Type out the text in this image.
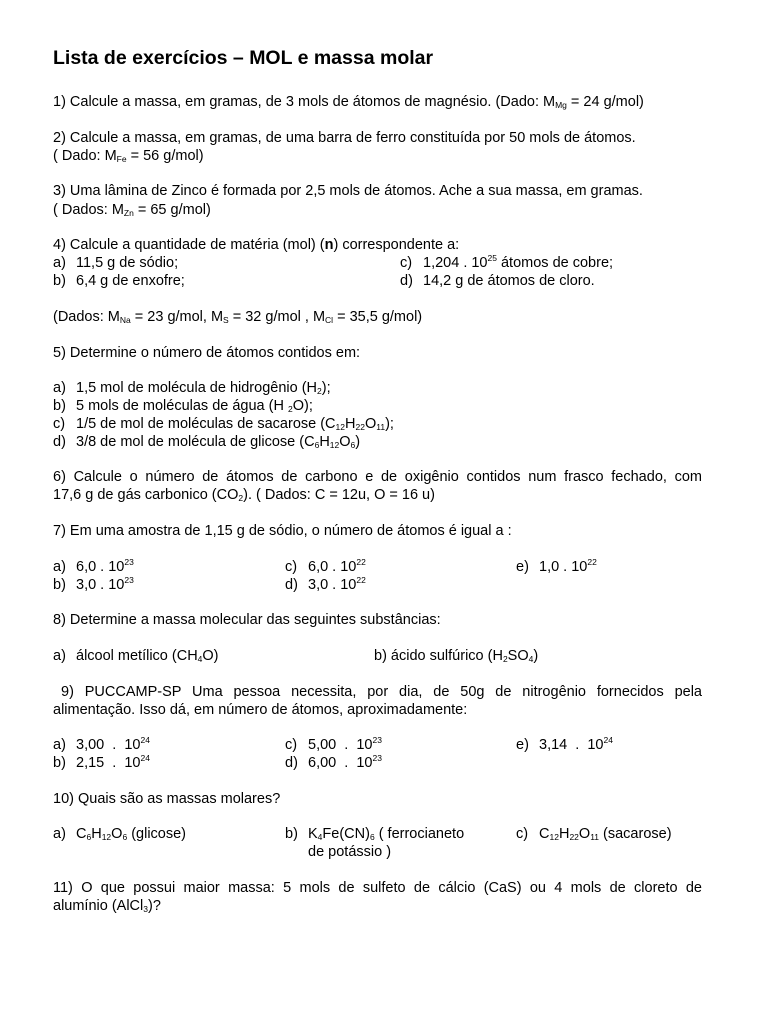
Lista de exercícios – MOL e massa molar
1) Calcule a massa, em gramas, de 3 mols de átomos de magnésio. (Dado: $M_{Mg} = 24$ g/mol)
2) Calcule a massa, em gramas, de uma barra de ferro constituída por 50 mols de átomos.
( Dado: $M_{Fe} = 56$ g/mol)
3) Uma lâmina de Zinco é formada por 2,5 mols de átomos. Ache a sua massa, em gramas.
( Dados: $M_{Zn} = 65$ g/mol)
4) Calcule a quantidade de matéria (mol) (n) correspondente a:
a) 11,5 g de sódio;
b) 6,4 g de enxofre;
c) 1,204 . $10^{25}$ átomos de cobre;
d) 14,2 g de átomos de cloro.
(Dados: $M_{Na} = 23$ g/mol, $M_S = 32$ g/mol , $M_{Cl} = 35,5$ g/mol)
5) Determine o número de átomos contidos em:
a) 1,5 mol de molécula de hidrogênio $(H_2)$;
b) 5 mols de moléculas de água (H $_2$O);
c) 1/5 de mol de moléculas de sacarose $(C_{12}H_{22}O_{11})$;
d) 3/8 de mol de molécula de glicose $(C_6H_{12}O_6)$
6) Calcule o número de átomos de carbono e de oxigênio contidos num frasco fechado, com
17,6 g de gás carbonico $(CO_2)$. ( Dados: C = 12u, O = 16 u)
7) Em uma amostra de 1,15 g de sódio, o número de átomos é igual a :
a) 6,0 . $10^{23}$
b) 3,0 . $10^{23}$
c) 6,0 . $10^{22}$
d) 3,0 . $10^{22}$
e) 1,0 . $10^{22}$
8) Determine a massa molecular das seguintes substâncias:
a) álcool metílico $(CH_4O)$	b) ácido sulfúrico $(H_2SO_4)$
9) PUCCAMP-SP Uma pessoa necessita, por dia, de 50g de nitrogênio fornecidos pela
alimentação. Isso dá, em número de átomos, aproximadamente:
a) 3,00  .  $10^{24}$
b) 2,15  .  $10^{24}$
c) 5,00  .  $10^{23}$
d) 6,00  .  $10^{23}$
e) 3,14  .  $10^{24}$
10) Quais são as massas molares?
a) $C_6H_{12}O_6$ (glicose)	b) $K_4Fe(CN)_6$ ( ferrocianeto
de potássio )
c) $C_{12}H_{22}O_{11}$ (sacarose)
11) O que possui maior massa: 5 mols de sulfeto de cálcio (CaS) ou 4 mols de cloreto de
alumínio (AlCl$_3$)?
